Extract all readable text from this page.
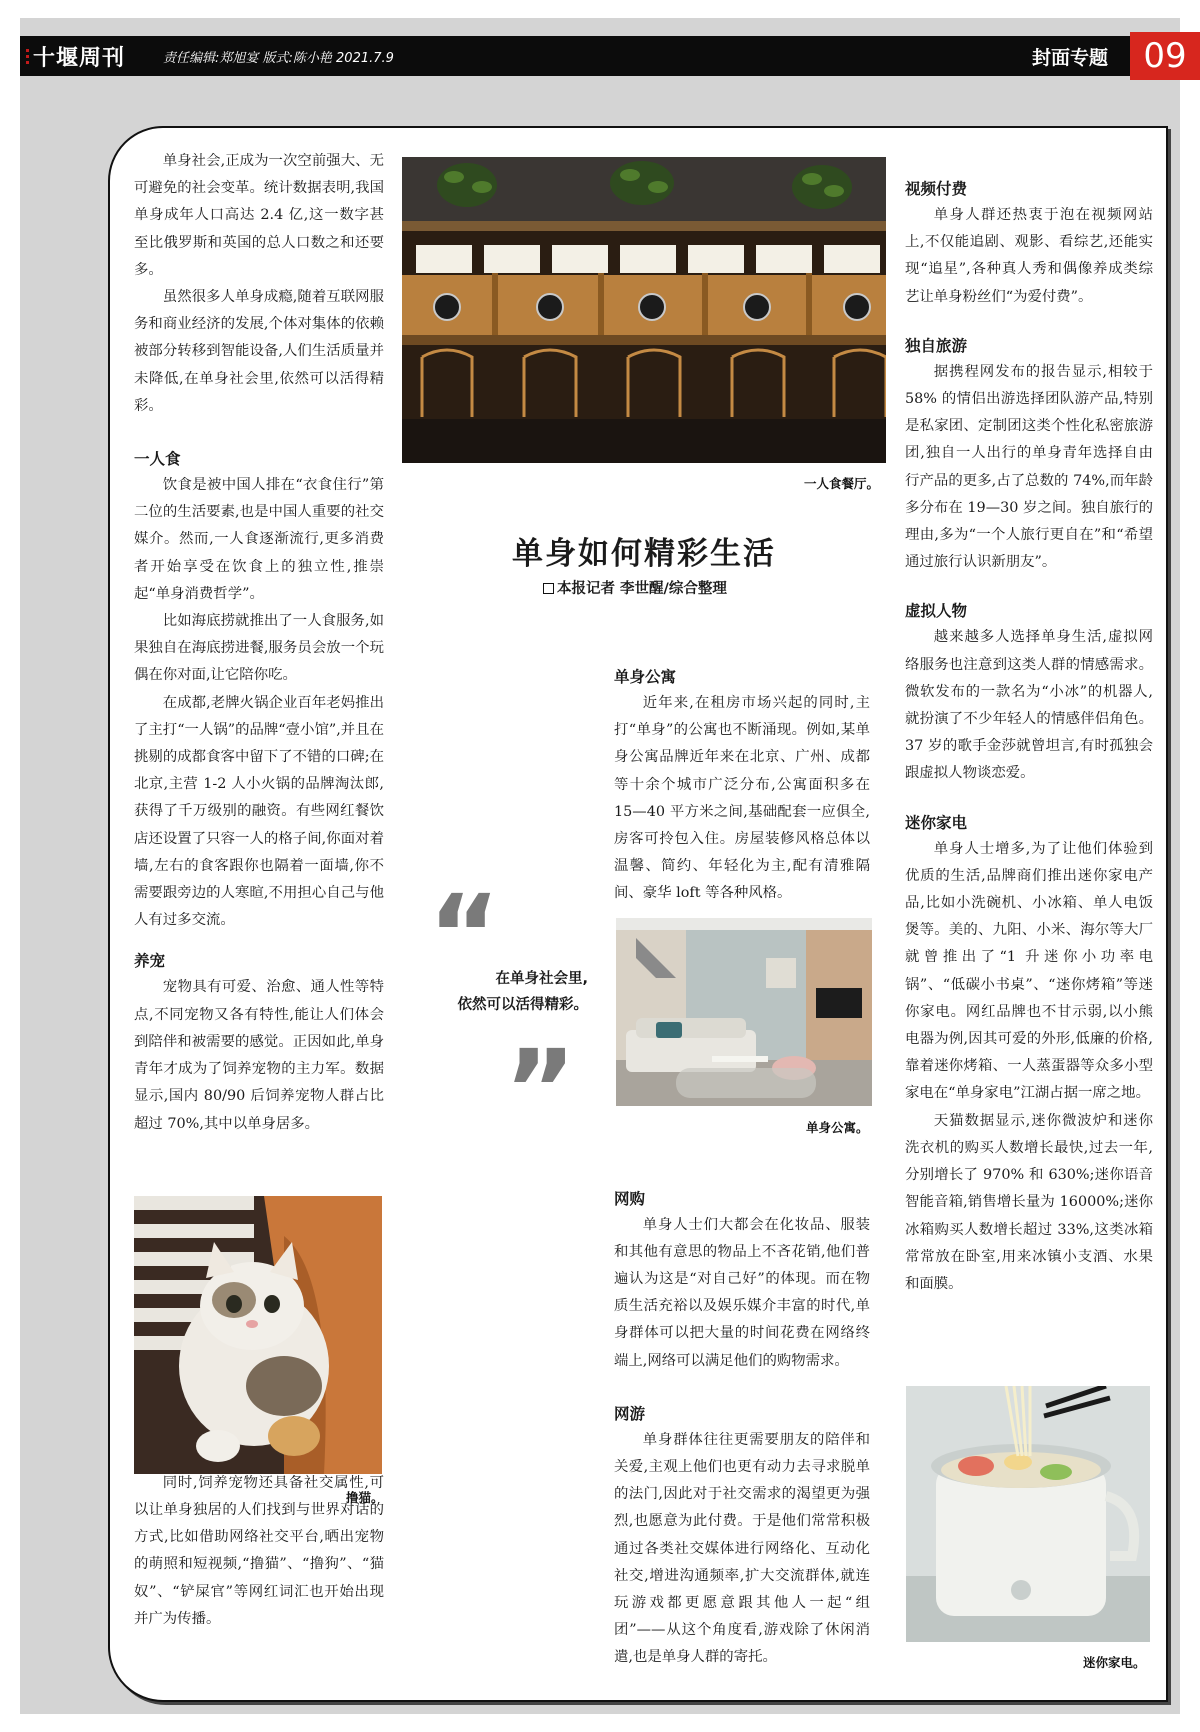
十堰周刊	责任编辑:郑旭宴 版式:陈小艳 2021.7.9	封面专题	09

单身社会,正成为一次空前强大、无可避免的社会变革。统计数据表明,我国单身成年人口高达 2.4 亿,这一数字甚至比俄罗斯和英国的总人口数之和还要多。

虽然很多人单身成瘾,随着互联网服务和商业经济的发展,个体对集体的依赖被部分转移到智能设备,人们生活质量并未降低,在单身社会里,依然可以活得精彩。

一人食

饮食是被中国人排在“衣食住行”第二位的生活要素,也是中国人重要的社交媒介。然而,一人食逐渐流行,更多消费者开始享受在饮食上的独立性,推崇起“单身消费哲学”。

比如海底捞就推出了一人食服务,如果独自在海底捞进餐,服务员会放一个玩偶在你对面,让它陪你吃。

在成都,老牌火锅企业百年老妈推出了主打“一人锅”的品牌“壹小馆”,并且在挑剔的成都食客中留下了不错的口碑;在北京,主营 1-2 人小火锅的品牌淘汰郎,获得了千万级别的融资。有些网红餐饮店还设置了只容一人的格子间,你面对着墙,左右的食客跟你也隔着一面墙,你不需要跟旁边的人寒暄,不用担心自己与他人有过多交流。

养宠

宠物具有可爱、治愈、通人性等特点,不同宠物又各有特性,能让人们体会到陪伴和被需要的感觉。正因如此,单身青年才成为了饲养宠物的主力军。数据显示,国内 80/90 后饲养宠物人群占比超过 70%,其中以单身居多。

同时,饲养宠物还具备社交属性,可以让单身独居的人们找到与世界对话的方式,比如借助网络社交平台,晒出宠物的萌照和短视频,“撸猫”、“撸狗”、“猫奴”、“铲屎官”等网红词汇也开始出现并广为传播。

一人食餐厅。
单身如何精彩生活
本报记者 李世醒/综合整理
“
在单身社会里,
依然可以活得精彩。
”
单身公寓

近年来,在租房市场兴起的同时,主打“单身”的公寓也不断涌现。例如,某单身公寓品牌近年来在北京、广州、成都等十余个城市广泛分布,公寓面积多在 15—40 平方米之间,基础配套一应俱全,房客可拎包入住。房屋装修风格总体以温馨、简约、年轻化为主,配有清雅隔间、豪华 loft 等各种风格。

网购

单身人士们大都会在化妆品、服装和其他有意思的物品上不吝花销,他们普遍认为这是“对自己好”的体现。而在物质生活充裕以及娱乐媒介丰富的时代,单身群体可以把大量的时间花费在网络终端上,网络可以满足他们的购物需求。

网游

单身群体往往更需要朋友的陪伴和关爱,主观上他们也更有动力去寻求脱单的法门,因此对于社交需求的渴望更为强烈,也愿意为此付费。于是他们常常积极通过各类社交媒体进行网络化、互动化社交,增进沟通频率,扩大交流群体,就连玩游戏都更愿意跟其他人一起“组团”——从这个角度看,游戏除了休闲消遣,也是单身人群的寄托。

单身公寓。
视频付费

单身人群还热衷于泡在视频网站上,不仅能追剧、观影、看综艺,还能实现“追星”,各种真人秀和偶像养成类综艺让单身粉丝们“为爱付费”。

独自旅游

据携程网发布的报告显示,相较于 58% 的情侣出游选择团队游产品,特别是私家团、定制团这类个性化私密旅游团,独自一人出行的单身青年选择自由行产品的更多,占了总数的 74%,而年龄多分布在 19—30 岁之间。独自旅行的理由,多为“一个人旅行更自在”和“希望通过旅行认识新朋友”。

虚拟人物

越来越多人选择单身生活,虚拟网络服务也注意到这类人群的情感需求。微软发布的一款名为“小冰”的机器人,就扮演了不少年轻人的情感伴侣角色。37 岁的歌手金莎就曾坦言,有时孤独会跟虚拟人物谈恋爱。

迷你家电

单身人士增多,为了让他们体验到优质的生活,品牌商们推出迷你家电产品,比如小洗碗机、小冰箱、单人电饭煲等。美的、九阳、小米、海尔等大厂就曾推出了“1 升迷你小功率电锅”、“低碳小书桌”、“迷你烤箱”等迷你家电。网红品牌也不甘示弱,以小熊电器为例,因其可爱的外形,低廉的价格,靠着迷你烤箱、一人蒸蛋器等众多小型家电在“单身家电”江湖占据一席之地。

天猫数据显示,迷你微波炉和迷你洗衣机的购买人数增长最快,过去一年,分别增长了 970% 和 630%;迷你语音智能音箱,销售增长量为 16000%;迷你冰箱购买人数增长超过 33%,这类冰箱常常放在卧室,用来冰镇小支酒、水果和面膜。

撸猫。
迷你家电。
